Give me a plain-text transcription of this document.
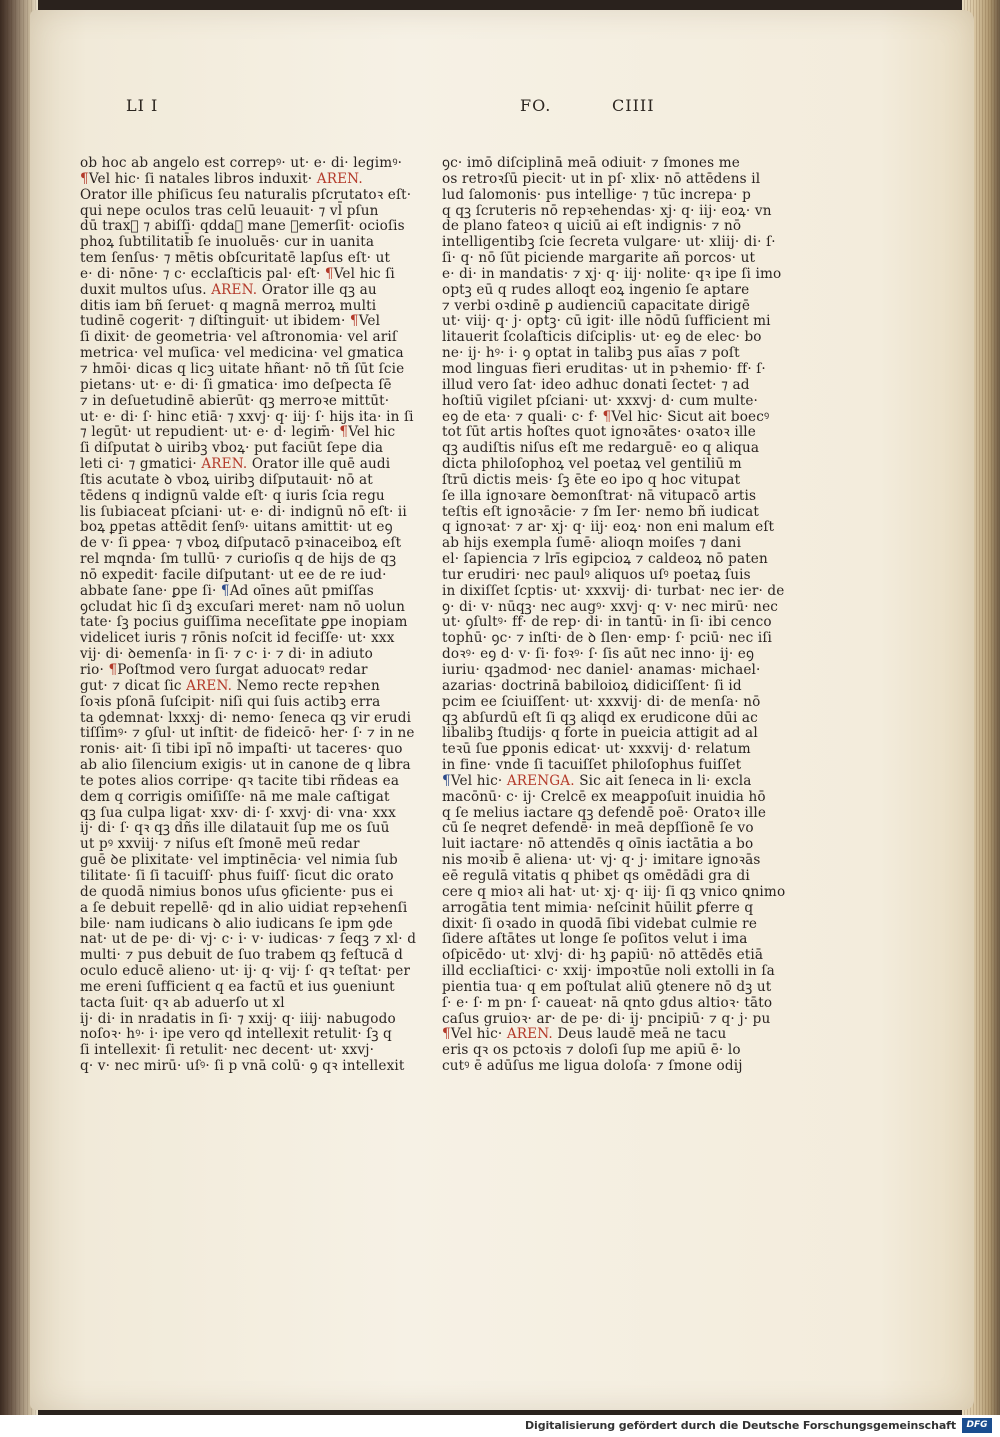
LI I	FO.	CIIII
ob hoc ab angelo est correpꝰ· ut· e· di· legimꝰ·
¶Vel hic· ſi natales libros induxit· AREN.
Orator ille phiſicus ſeu naturalis pſcrutatoꝛ eſt·
qui nepe oculos tras celū leuauit· ⁊ vl̄ pſun
dū traxᷓ ⁊ abiſſi· qddaꝫ mane ꝺemerſit· ocioſis
phoꝝ ſubtilitatib̄ ſe inuoluēs· cur in uanita
tem ſenſus· ⁊ mētis obſcuritatē lapſus eſt· ut
e· di· nōne· ⁊ c· ecclaſticis pal· eſt· ¶Vel hic ſi
duxit multos uſus. AREN. Orator ille qꝫ au
ditis iam bñ ſeruet· q magnā merroꝝ multi
tudinē cogerit· ⁊ diſtinguit· ut ibidem· ¶Vel
ſi dixit· de geometria· vel aſtronomia· vel ariſ
metrica· vel muſica· vel medicina· vel gmatica
⁊ hmōi· dicas q licꝫ uitate hñant· nō tñ ſūt ſcie
pietans· ut· e· di· ſi gmatica· imo deſpecta ſē
⁊ in deſuetudinē abierūt· qꝫ merroꝛe mittūt·
ut· e· di· ſ· hinc etiā· ⁊ xxvj· q· iij· ſ· hijs ita· in ſi
⁊ legūt· ut repudient· ut· e· d· legim̄· ¶Vel hic
ſi diſputat ꝺ uiribꝫ vboꝝ· put faciūt ſepe dia
leti ci· ⁊ gmatici· AREN. Orator ille quē audi
ſtis acutate ꝺ vboꝝ uiribꝫ diſputauit· nō at
tēdens q indignū valde eſt· q iuris ſcia regu
lis ſubiaceat pſciani· ut· e· di· indignū nō eſt· ii
boꝝ ꝑpetas attēdit ſenſꝰ· uitans amittit· ut eꝯ
de v· ſi ꝑpea· ⁊ vboꝝ diſputacō pꝛinaceiboꝝ eſt
rel mqnda· ſm tullū· ⁊ curioſis q de hijs de qꝫ
nō expedit· facile diſputant· ut ee de re iud·
abbate ſane· ꝑpe ſi· ¶Ad oīnes aūt pmiſſas
ꝯcludat hic ſi dꝫ excuſari meret· nam nō uolun
tate· ſꝫ pocius guiſſima neceſitate ꝑpe inopiam
videlicet iuris ⁊ rōnis noſcit id feciſſe· ut· xxx
vij· di· ꝺemenſa· in ſi· ⁊ c· i· ⁊ di· in adiuto
rio· ¶Poſtmod vero ſurgat aduocatꝰ redar
gut· ⁊ dicat ſic AREN. Nemo recte repꝛhen
ſoꝛis pſonā ſuſcipit· niſi qui ſuis actibꝫ erra
ta ꝯdemnat· lxxxj· di· nemo· ſeneca qꝫ vir erudi
tiſſimꝰ· ⁊ ꝯſul· ut inſtit· de fideicō· her· ſ· ⁊ in ne
ronis· ait· ſi tibi ipī nō impaſti· ut taceres· quo
ab alio ſilencium exigis· ut in canone de q libra
te potes alios corripe· qꝛ tacite tibi rñdeas ea
dem q corrigis omiſiſſe· nā me male caſtigat
qꝫ ſua culpa ligat· xxv· di· ſ· xxvj· di· vna· xxx
ij· di· ſ· qꝛ qꝫ dñs ille dilatauit ſup me os ſuū
ut pꝰ xxviij· ⁊ niſus eſt ſmonē meū redar
guē ꝺe plixitate· vel imptinēcia· vel nimia ſub
tilitate· ſi ſi tacuiſſ· phus fuiſſ· ſicut dic orato
de quodā nimius bonos uſus ꝯficiente· pus ei
a ſe debuit repellē· qd in alio uidiat repꝛehenſi
bile· nam iudicans ꝺ alio iudicans ſe ipm ꝯde
nat· ut de pe· di· vj· c· i· v· iudicas· ⁊ ſeqꝫ ⁊ xl· d
multi· ⁊ pus debuit de ſuo trabem qꝫ feſtucā d
oculo educē alieno· ut· ij· q· vij· ſ· qꝛ teſtat· per
me ereni ſufficient q ea factū et ius ꝯueniunt
tacta ſuit· qꝛ ab aduerſo ut xl
ij· di· in nradatis in ſi· ⁊ xxij· q· iiij· nabugodo
noſoꝛ· hꝰ· i· ipe vero qd intellexit retulit· ſꝫ q
ſi intellexit· ſi retulit· nec decent· ut· xxvj·
q· v· nec mirū· uſꝰ· ſi p vnā colū· ꝯ qꝛ intellexit
ꝯc· imō diſciplinā meā odiuit· ⁊ ſmones me
os retroꝛſū piecit· ut in pſ· xlix· nō attēdens il
lud ſalomonis· pus intellige· ⁊ tūc increpa· p
q qꝫ ſcruteris nō repꝛehendas· xj· q· iij· eoꝝ· vn
de plano fateoꝛ q uiciū ai eſt indignis· ⁊ nō
intelligentibꝫ ſcie ſecreta vulgare· ut· xliij· di· ſ·
ſi· q· nō ſūt piciende margarite añ porcos· ut
e· di· in mandatis· ⁊ xj· q· iij· nolite· qꝛ ipe ſi imo
optꝫ eū q rudes alloqt eoꝝ ingenio ſe aptare
⁊ verbi oꝛdinē ꝑ audienciū capacitate dirigē
ut· viij· q· j· optꝫ· cū igit· ille nōdū ſufficient mi
litauerit ſcolaſticis diſciplis· ut· eꝯ de elec· bo
ne· ij· hꝰ· i· ꝯ optat in talibꝫ pus aīas ⁊ poſt
mod linguas fieri eruditas· ut in pꝛhemio· ff· ſ·
illud vero ſat· ideo adhuc donati ſectet· ⁊ ad
hoſtiū vigilet pſciani· ut· xxxvj· d· cum multe·
eꝯ de eta· ⁊ quali· c· f· ¶Vel hic· Sicut ait boecꝰ
tot ſūt artis hoſtes quot ignoꝛātes· oꝛatoꝛ ille
qꝫ audiſtis niſus eſt me redarguē· eo q aliqua
dicta philoſophoꝝ vel poetaꝝ vel gentiliū m
ſtrū dictis meis· ſꝫ ēte eo ipo q hoc vitupat
ſe illa ignoꝛare ꝺemonſtrat· nā vitupacō artis
teſtis eſt ignoꝛācie· ⁊ ſm Ier· nemo bñ iudicat
q ignoꝛat· ⁊ ar· xj· q· iij· eoꝝ· non eni malum eſt
ab hijs exempla ſumē· alioqn moiſes ⁊ dani
el· ſapiencia ⁊ lrīs egipcioꝝ ⁊ caldeoꝝ nō paten
tur erudiri· nec paulꝰ aliquos uſꝰ poetaꝝ ſuis
in dixiſſet ſcptis· ut· xxxvij· di· turbat· nec ier· de
ꝯ· di· v· nūqꝫ· nec augꝰ· xxvj· q· v· nec mirū· nec
ut· ꝯſultꝰ· ff· de rep· di· in tantū· in ſi· ibi cenco
tophū· ꝯc· ⁊ inſti· de ꝺ ſlen· emp· ſ· pciū· nec iſi
doꝛꝰ· eꝯ d· v· ſi· foꝛꝰ· ſ· ſis aūt nec inno· ij· eꝯ
iuriu· qꝫadmod· nec daniel· anamas· michael·
azarias· doctrinā babiloioꝝ didiciſſent· ſi id
pcim ee ſciuiſſent· ut· xxxvij· di· de menſa· nō
qꝫ abſurdū eſt ſi qꝫ aliqd ex erudicone dūi ac
libalibꝫ ſtudijs· q forte in pueicia attigit ad al
teꝛū ſue ꝑponis edicat· ut· xxxvij· d· relatum
in fine· vnde ſi tacuiſſet philoſophus fuiſſet
¶Vel hic· ARENGA. Sic ait ſeneca in li· excla
macōnū· c· ij· Crelcē ex meaꝑpoſuit inuidia hō
q ſe melius iactare qꝫ defendē poē· Oratoꝛ ille
cū ſe neqret defendē· in meā depſſionē ſe vo
luit iactare· nō attendēs q oīnis iactātia a bo
nis moꝛib̄ ē aliena· ut· vj· q· j· imitare ignoꝛās
eē regulā vitatis q phibet qs omēdādi gra di
cere q mioꝛ ali hat· ut· xj· q· iij· ſi qꝫ vnico ꝗnimo
arrogātia tent mimia· neſcinit hūilit ꝑferre q
dixit· ſi oꝛado in quodā ſibi videbat culmie re
ſidere aſtātes ut longe ſe poſitos velut i ima
oſpicēdo· ut· xlvj· di· hꝫ ꝑapiū· nō attēdēs etiā
illd eccliaſtici· c· xxij· impoꝛtūe noli extolli in ſa
pientia tua· q em poſtulat aliū ꝯtenere nō dꝫ ut
ſ· e· ſ· m pn· ſ· caueat· nā qnto gdus altioꝛ· tāto
caſus gruioꝛ· ar· de pe· di· ij· pncipiū· ⁊ q· j· pu
¶Vel hic· AREN. Deus laudē meā ne tacu
eris qꝛ os pctoꝛis ⁊ doloſi ſup me apiū ē· lo
cutꝰ ē adūſus me ligua doloſa· ⁊ ſmone odij
Digitalisierung gefördert durch die Deutsche Forschungsgemeinschaft	DFG
